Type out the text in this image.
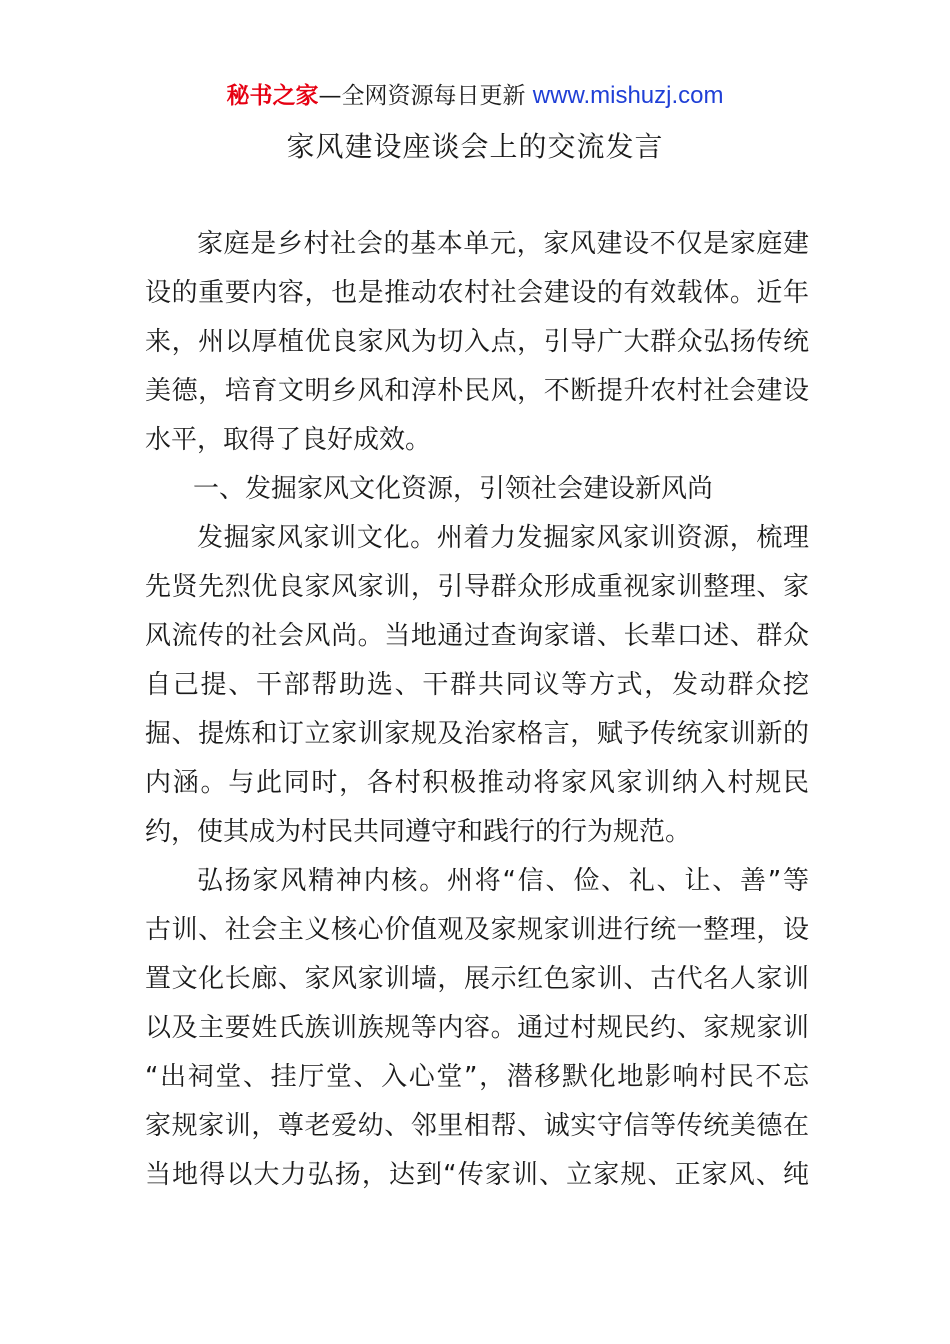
秘书之家—全网资源每日更新 www.mishuzj.com
家风建设座谈会上的交流发言
家庭是乡村社会的基本单元，家风建设不仅是家庭建
设的重要内容，也是推动农村社会建设的有效载体。近年
来，州以厚植优良家风为切入点，引导广大群众弘扬传统
美德，培育文明乡风和淳朴民风，不断提升农村社会建设
水平，取得了良好成效。
一、发掘家风文化资源，引领社会建设新风尚
发掘家风家训文化。州着力发掘家风家训资源，梳理
先贤先烈优良家风家训，引导群众形成重视家训整理、家
风流传的社会风尚。当地通过查询家谱、长辈口述、群众
自己提、干部帮助选、干群共同议等方式，发动群众挖
掘、提炼和订立家训家规及治家格言，赋予传统家训新的
内涵。与此同时，各村积极推动将家风家训纳入村规民
约，使其成为村民共同遵守和践行的行为规范。
弘扬家风精神内核。州将“信、俭、礼、让、善”等
古训、社会主义核心价值观及家规家训进行统一整理，设
置文化长廊、家风家训墙，展示红色家训、古代名人家训
以及主要姓氏族训族规等内容。通过村规民约、家规家训
“出祠堂、挂厅堂、入心堂”，潜移默化地影响村民不忘
家规家训，尊老爱幼、邻里相帮、诚实守信等传统美德在
当地得以大力弘扬，达到“传家训、立家规、正家风、纯
